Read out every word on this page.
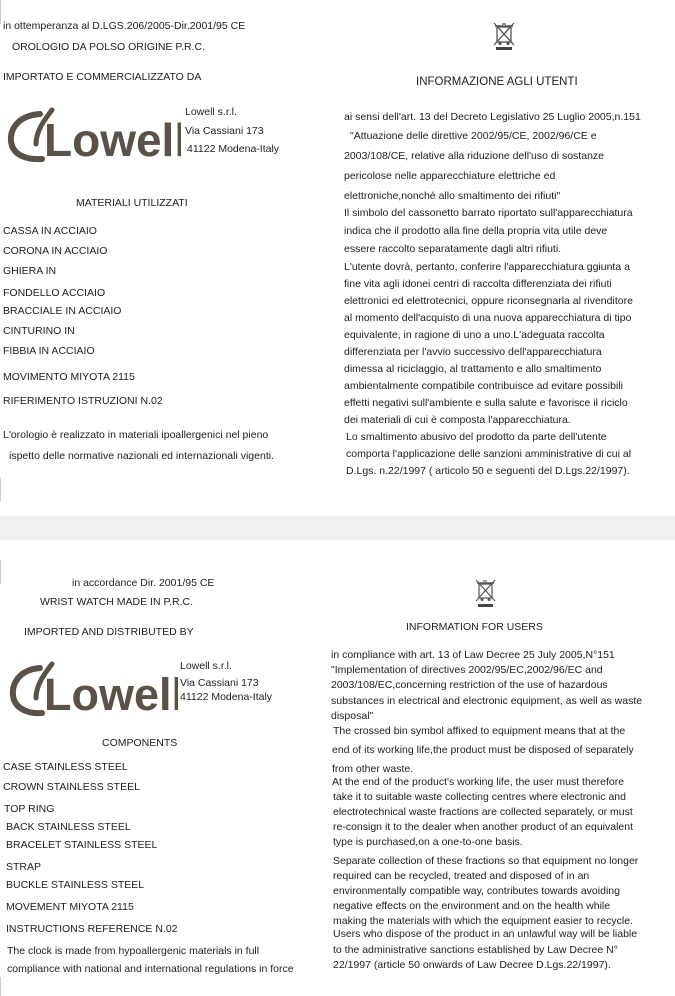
in ottemperanza al D.LGS.206/2005-Dir.2001/95 CE
OROLOGIO DA POLSO ORIGINE P.R.C.
IMPORTATO E COMMERCIALIZZATO DA
Lowell
Lowell s.r.l.
Via Cassiani 173
41122 Modena-Italy
MATERIALI UTILIZZATI
CASSA IN ACCIAIO
CORONA IN ACCIAIO
GHIERA IN
FONDELLO ACCIAIO
BRACCIALE IN ACCIAIO
CINTURINO IN
FIBBIA IN ACCIAIO
MOVIMENTO MIYOTA 2115
RIFERIMENTO ISTRUZIONI N.02
L'orologio è realizzato in materiali ipoallergenici nel pieno
ispetto delle normative nazionali ed internazionali vigenti.
INFORMAZIONE AGLI UTENTI
ai sensi dell'art. 13 del Decreto Legislativo 25 Luglio 2005,n.151
"Attuazione delle direttive 2002/95/CE, 2002/96/CE e
2003/108/CE, relative alla riduzione dell'uso di sostanze
pericolose nelle apparecchiature elettriche ed
elettroniche,nonché allo smaltimento dei rifiuti"
Il simbolo del cassonetto barrato riportato sull'apparecchiatura
indica che il prodotto alla fine della propria vita utile deve
essere raccolto separatamente dagli altri rifiuti.
L'utente dovrà, pertanto, conferire l'apparecchiatura ggiunta a
fine vita agli idonei centri di raccolta differenziata dei rifiuti
elettronici ed elettrotecnici, oppure riconsegnarla al rivenditore
al momento dell'acquisto di una nuova apparecchiatura di tipo
equivalente, in ragione di uno a uno.L'adeguata raccolta
differenziata per l'avvio successivo dell'apparecchiatura
dimessa al riciclaggio, al trattamento e allo smaltimento
ambientalmente compatibile contribuisce ad evitare possibili
effetti negativi sull'ambiente e sulla salute e favorisce il riciclo
dei materiali di cui è composta l'apparecchiatura.
Lo smaltimento abusivo del prodotto da parte dell'utente
comporta l'applicazione delle sanzioni amministrative di cui al
D.Lgs. n.22/1997 ( articolo 50 e seguenti del D.Lgs.22/1997).
in accordance Dir. 2001/95 CE
WRIST WATCH MADE IN P.R.C.
IMPORTED AND DISTRIBUTED BY
Lowell
Lowell s.r.l.
Via Cassiani 173
41122 Modena-Italy
COMPONENTS
CASE STAINLESS STEEL
CROWN STAINLESS STEEL
TOP RING
BACK STAINLESS STEEL
BRACELET STAINLESS STEEL
STRAP
BUCKLE STAINLESS STEEL
MOVEMENT MIYOTA 2115
INSTRUCTIONS REFERENCE N.02
The clock is made from hypoallergenic materials in full
compliance with national and international regulations in force
INFORMATION FOR USERS
in compliance with art. 13 of Law Decree 25 July 2005,N°151
"Implementation of directives 2002/95/EC,2002/96/EC and
2003/108/EC,concerning restriction of the use of hazardous
substances in electrical and electronic equipment, as well as waste
disposal"
The crossed bin symbol affixed to equipment means that at the
end of its working life,the product must be disposed of separately
from other waste.
At the end of the product's working life, the user must therefore
take it to suitable waste collecting centres where electronic and
electrotechnical waste fractions are collected separately, or must
re-consign it to the dealer when another product of an equivalent
type is purchased,on a one-to-one basis.
Separate collection of these fractions so that equipment no longer
required can be recycled, treated and disposed of in an
environmentally compatible way, contributes towards avoiding
negative effects on the environment and on the health while
making the materials with which the equipment easier to recycle.
Users who dispose of the product in an unlawful way will be liable
to the administrative sanctions established by Law Decree N°
22/1997 (article 50 onwards of Law Decree D.Lgs.22/1997).
